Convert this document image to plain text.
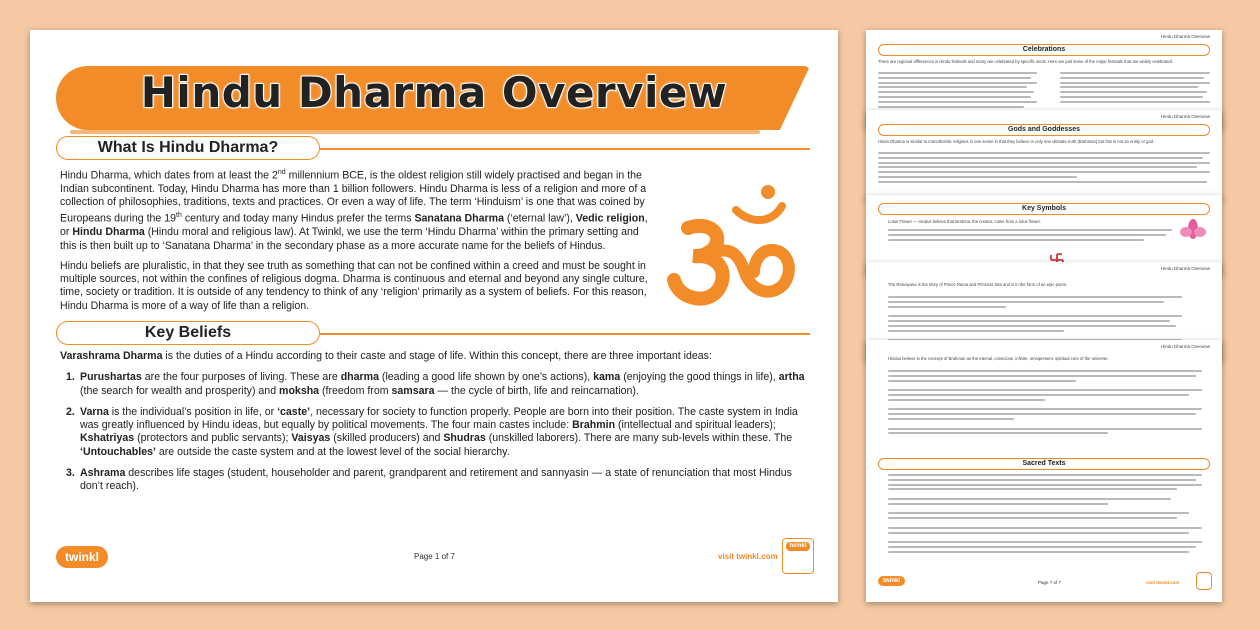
Hindu Dharma Overview
Celebrations
There are regional differences in Hindu festivals and many are celebrated by specific sects. Here are just some of the major festivals that are widely celebrated.
Hindu Dharma Overview
Gods and Goddesses
Hindu Dharma is similar to monotheistic religions in one sense in that they believe in only one ultimate truth (Brahman) but this is not an entity or god.
Key Symbols
Lotus Flower — Hindus believe that Brahma, the creator, came from a lotus flower.
Hindu Dharma Overview
The Ramayana is the story of Prince Rama and Princess Sita and is in the form of an epic poem.
Hindu Dharma Overview
Hindus believe in the concept of Brahman as the eternal, conscious, infinite, omnipresent, spiritual core of the universe.
Sacred Texts
twinkl	Page 7 of 7	visit twinkl.com
Hindu Dharma Overview
What Is Hindu Dharma?

Hindu Dharma, which dates from at least the 2nd millennium BCE, is the oldest religion still widely practised and began in the Indian subcontinent. Today, Hindu Dharma has more than 1 billion followers. Hindu Dharma is less of a religion and more of a collection of philosophies, traditions, texts and practices. Or even a way of life. The term ‘Hinduism’ is one that was coined by Europeans during the 19th century and today many Hindus prefer the terms Sanatana Dharma (‘eternal law’), Vedic religion, or Hindu Dharma (Hindu moral and religious law). At Twinkl, we use the term ‘Hindu Dharma’ within the primary setting and this is then built up to ‘Sanatana Dharma’ in the secondary phase as a more accurate name for the beliefs of Hindus.

Hindu beliefs are pluralistic, in that they see truth as something that can not be confined within a creed and must be sought in multiple sources, not within the confines of religious dogma. Dharma is continuous and eternal and beyond any single culture, time, society or tradition. It is outside of any tendency to think of any ‘religion’ primarily as a system of beliefs. For this reason, Hindu Dharma is more of a way of life than a religion.

Key Beliefs

Varashrama Dharma is the duties of a Hindu according to their caste and stage of life. Within this concept, there are three important ideas:

1. Purushartas are the four purposes of living. These are dharma (leading a good life shown by one’s actions), kama (enjoying the good things in life), artha (the search for wealth and prosperity) and moksha (freedom from samsara — the cycle of birth, life and reincarnation).
2. Varna is the individual’s position in life, or ‘caste’, necessary for society to function properly. People are born into their position. The caste system in India was greatly influenced by Hindu ideas, but equally by political movements. The four main castes include: Brahmin (intellectual and spiritual leaders); Kshatriyas (protectors and public servants); Vaisyas (skilled producers) and Shudras (unskilled laborers). There are many sub-levels within these. The ‘Untouchables’ are outside the caste system and at the lowest level of the social hierarchy.
3. Ashrama describes life stages (student, householder and parent, grandparent and retirement and sannyasin — a state of renunciation that most Hindus don’t reach).
twinkl	Page 1 of 7	visit twinkl.com
twinkl
